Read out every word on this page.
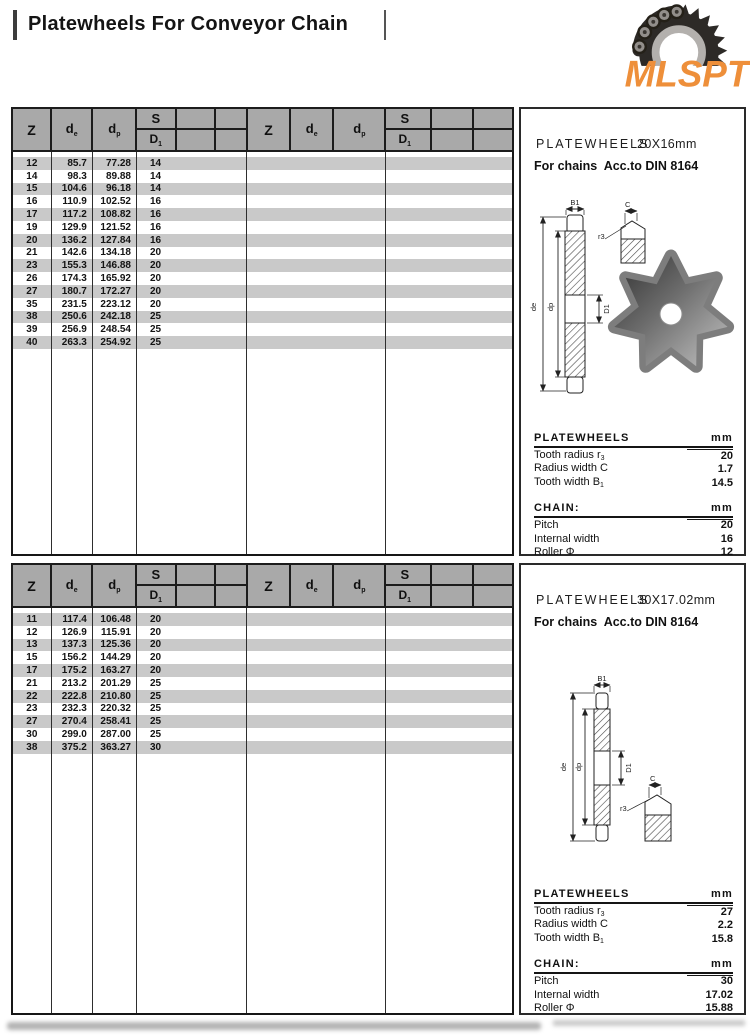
Platewheels For Conveyor Chain
MLSPT
Z	$d_e$	$d_p$	S			Z	$d_e$	$d_p$	S		
			$D_1$						$D_1$		

12	85.7	77.28	14								
14	98.3	89.88	14								
15	104.6	96.18	14								
16	110.9	102.52	16								
17	117.2	108.82	16								
19	129.9	121.52	16								
20	136.2	127.84	16								
21	142.6	134.18	20								
23	155.3	146.88	20								
26	174.3	165.92	20								
27	180.7	172.27	20								
35	231.5	223.12	20								
38	250.6	242.18	25								
39	256.9	248.54	25								
40	263.3	254.92	25								

Z	$d_e$	$d_p$	S			Z	$d_e$	$d_p$	S		
			$D_1$						$D_1$		

11	117.4	106.48	20								
12	126.9	115.91	20								
13	137.3	125.36	20								
15	156.2	144.29	20								
17	175.2	163.27	20								
21	213.2	201.29	25								
22	222.8	210.80	25								
23	232.3	220.32	25								
27	270.4	258.41	25								
30	299.0	287.00	25								
38	375.2	363.27	30								

PLATEWHEELS
20X16mm
For chains  Acc.to DIN 8164
B1
de dp	D1
C
r3
PLATEWHEELS	mm
Tooth radius $r_3$	20
Radius width C	1.7
Tooth width $B_1$	14.5
CHAIN:	mm
Pitch	20
Internal width	16
Roller Φ	12
PLATEWHEELS
30X17.02mm
For chains  Acc.to DIN 8164
B1
de dp	D1
C
r3
PLATEWHEELS	mm
Tooth radius $r_3$	27
Radius width C	2.2
Tooth width $B_1$	15.8
CHAIN:	mm
Pitch	30
Internal width	17.02
Roller Φ	15.88
